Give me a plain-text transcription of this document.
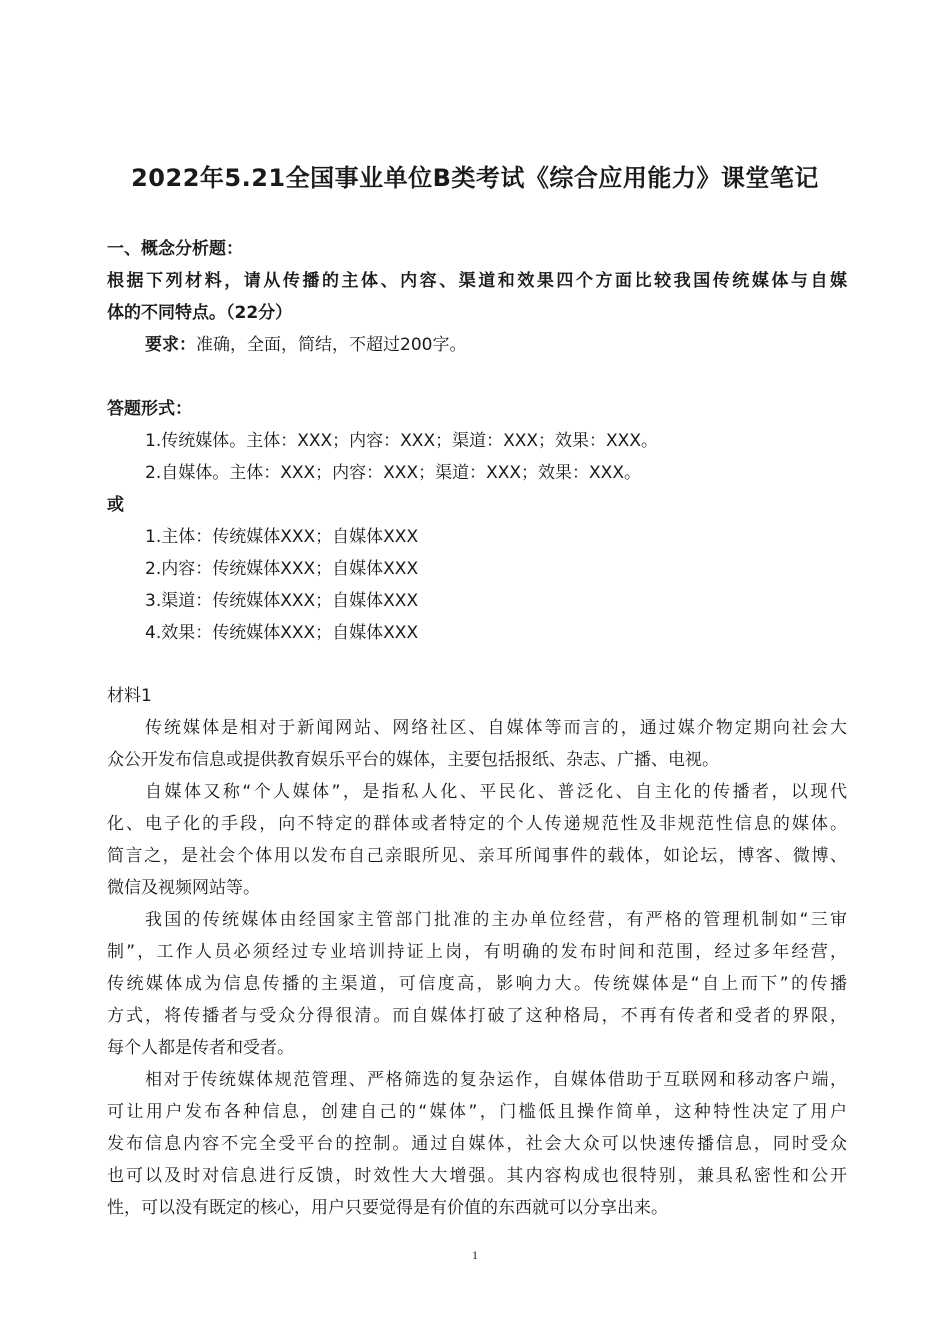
2022年5.21全国事业单位B类考试《综合应用能力》课堂笔记
一、概念分析题：
根据下列材料，请从传播的主体、内容、渠道和效果四个方面比较我国传统媒体与自媒
体的不同特点。（22分）
要求：准确，全面，简结，不超过200字。
答题形式：
1.传统媒体。主体：XXX；内容：XXX；渠道：XXX；效果：XXX。
2.自媒体。主体：XXX；内容：XXX；渠道：XXX；效果：XXX。
或
1.主体：传统媒体XXX；自媒体XXX
2.内容：传统媒体XXX；自媒体XXX
3.渠道：传统媒体XXX；自媒体XXX
4.效果：传统媒体XXX；自媒体XXX
材料1
传统媒体是相对于新闻网站、网络社区、自媒体等而言的，通过媒介物定期向社会大
众公开发布信息或提供教育娱乐平台的媒体，主要包括报纸、杂志、广播、电视。
自媒体又称“个人媒体”，是指私人化、平民化、普泛化、自主化的传播者，以现代
化、电子化的手段，向不特定的群体或者特定的个人传递规范性及非规范性信息的媒体。
简言之，是社会个体用以发布自己亲眼所见、亲耳所闻事件的载体，如论坛，博客、微博、
微信及视频网站等。
我国的传统媒体由经国家主管部门批准的主办单位经营，有严格的管理机制如“三审
制”，工作人员必须经过专业培训持证上岗，有明确的发布时间和范围，经过多年经营，
传统媒体成为信息传播的主渠道，可信度高，影响力大。传统媒体是“自上而下”的传播
方式，将传播者与受众分得很清。而自媒体打破了这种格局，不再有传者和受者的界限，
每个人都是传者和受者。
相对于传统媒体规范管理、严格筛选的复杂运作，自媒体借助于互联网和移动客户端，
可让用户发布各种信息，创建自己的“媒体”，门槛低且操作简单，这种特性决定了用户
发布信息内容不完全受平台的控制。通过自媒体，社会大众可以快速传播信息，同时受众
也可以及时对信息进行反馈，时效性大大增强。其内容构成也很特别，兼具私密性和公开
性，可以没有既定的核心，用户只要觉得是有价值的东西就可以分享出来。
1
